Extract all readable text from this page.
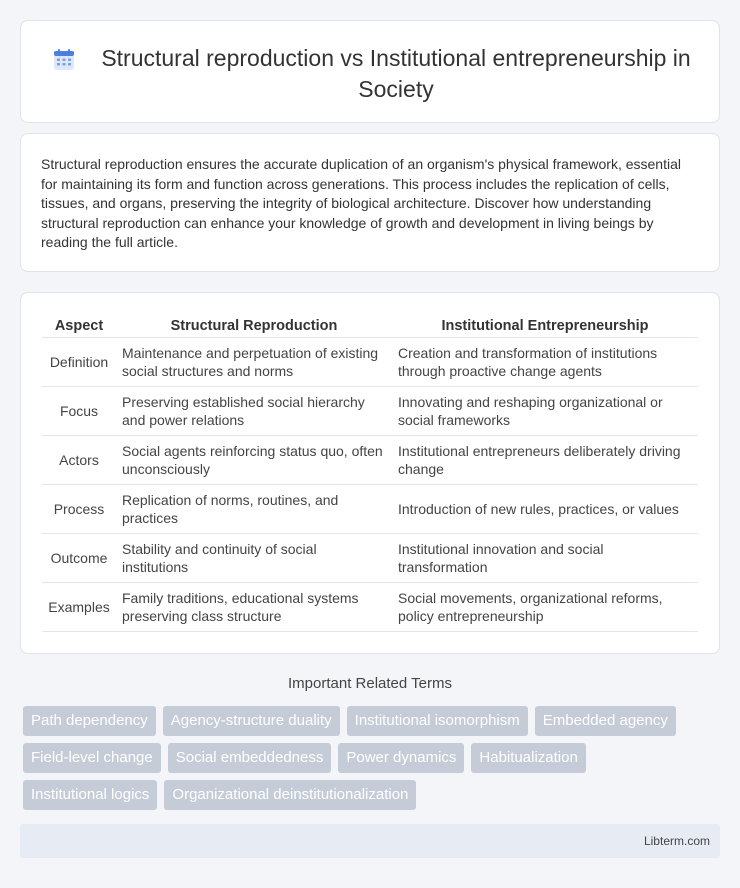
Structural reproduction vs Institutional entrepreneurship in Society

Structural reproduction ensures the accurate duplication of an organism's physical framework, essential for maintaining its form and function across generations. This process includes the replication of cells, tissues, and organs, preserving the integrity of biological architecture. Discover how understanding structural reproduction can enhance your knowledge of growth and development in living beings by reading the full article.

Aspect	Structural Reproduction	Institutional Entrepreneurship
Definition	Maintenance and perpetuation of existing social structures and norms	Creation and transformation of institutions through proactive change agents
Focus	Preserving established social hierarchy and power relations	Innovating and reshaping organizational or social frameworks
Actors	Social agents reinforcing status quo, often unconsciously	Institutional entrepreneurs deliberately driving change
Process	Replication of norms, routines, and practices	Introduction of new rules, practices, or values
Outcome	Stability and continuity of social institutions	Institutional innovation and social transformation
Examples	Family traditions, educational systems preserving class structure	Social movements, organizational reforms, policy entrepreneurship
Important Related Terms
Path dependency	Agency-structure duality	Institutional isomorphism	Embedded agency
Field-level change	Social embeddedness	Power dynamics	Habitualization
Institutional logics	Organizational deinstitutionalization
Libterm.com
